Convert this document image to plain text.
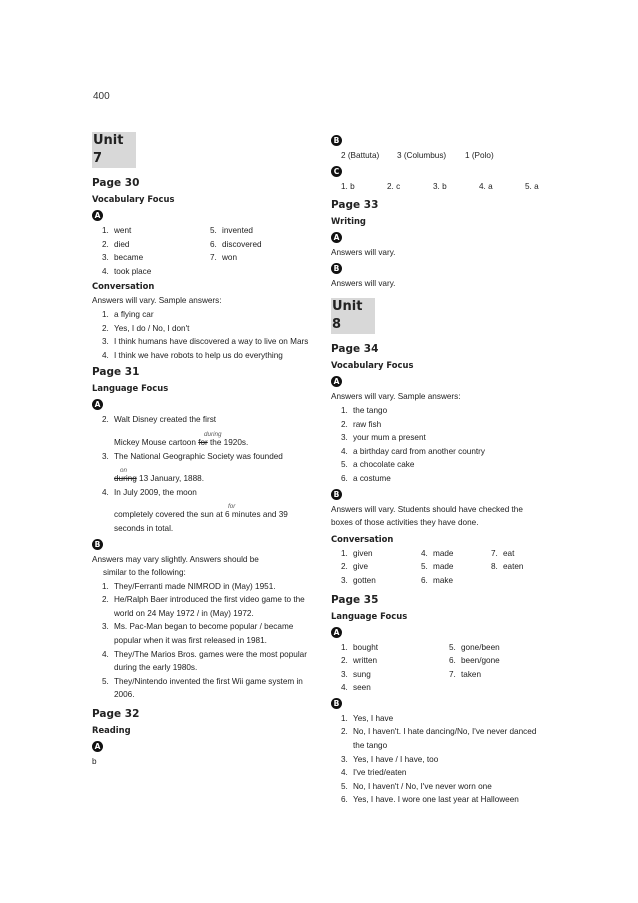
400
Unit 7
Page 30
Vocabulary Focus
A
1. went	5. invented
2. died	6. discovered
3. became	7. won
4. took place
Conversation
Answers will vary. Sample answers:
1. a flying car
2. Yes, I do / No, I don't
3. I think humans have discovered a way to live on Mars
4. I think we have robots to help us do everything
Page 31
Language Focus
A
2. Walt Disney created the first
during
Mickey Mouse cartoon for the 1920s.
3. The National Geographic Society was founded
on
during 13 January, 1888.
4. In July 2009, the moon
for
completely covered the sun at 6 minutes and 39 seconds in total.
B
Answers may vary slightly. Answers should be
similar to the following:
1. They/Ferranti made NIMROD in (May) 1951.
2. He/Ralph Baer introduced the first video game to the world on 24 May 1972 / in (May) 1972.
3. Ms. Pac-Man began to become popular / became popular when it was first released in 1981.
4. They/The Marios Bros. games were the most popular during the early 1980s.
5. They/Nintendo invented the first Wii game system in 2006.
Page 32
Reading
A
b
B
2 (Battuta)	3 (Columbus)	1 (Polo)
C
1. b	2. c	3. b	4. a	5. a
Page 33
Writing
A
Answers will vary.
B
Answers will vary.
Unit 8
Page 34
Vocabulary Focus
A
Answers will vary. Sample answers:
1. the tango
2. raw fish
3. your mum a present
4. a birthday card from another country
5. a chocolate cake
6. a costume
B
Answers will vary. Students should have checked the boxes of those activities they have done.
Conversation
1. given	4. made	7. eat
2. give	5. made	8. eaten
3. gotten	6. make
Page 35
Language Focus
A
1. bought	5. gone/been
2. written	6. been/gone
3. sung	7. taken
4. seen
B
1. Yes, I have
2. No, I haven't. I hate dancing/No, I've never danced the tango
3. Yes, I have / I have, too
4. I've tried/eaten
5. No, I haven't / No, I've never worn one
6. Yes, I have. I wore one last year at Halloween
